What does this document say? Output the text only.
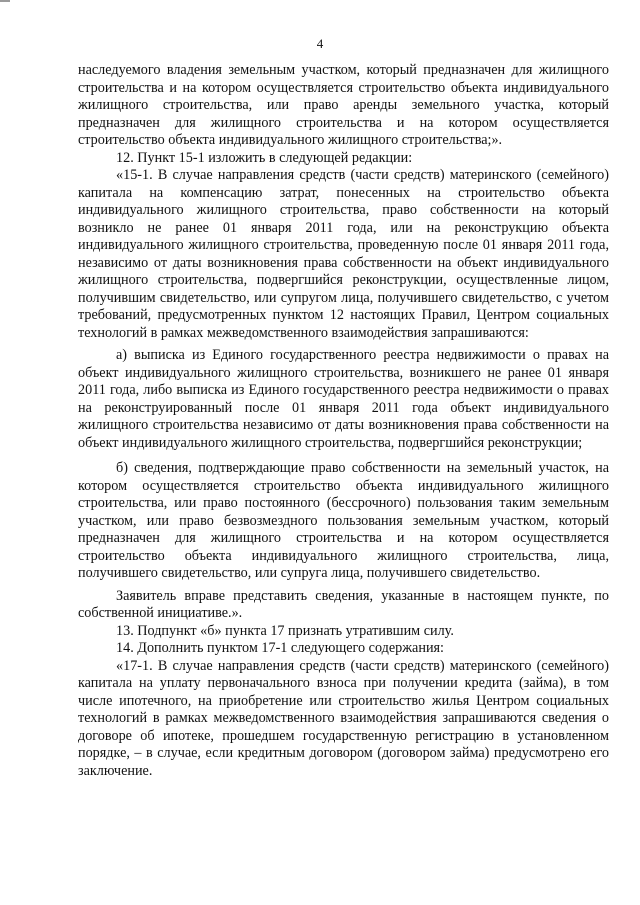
4

наследуемого владения земельным участком, который предназначен для жилищного строительства и на котором осуществляется строительство объекта индивидуального жилищного строительства, или право аренды земельного участка, который предназначен для жилищного строительства и на котором осуществляется строительство объекта индивидуального жилищного строительства;».

12. Пункт 15-1 изложить в следующей редакции:

«15-1. В случае направления средств (части средств) материнского (семейного) капитала на компенсацию затрат, понесенных на строительство объекта индивидуального жилищного строительства, право собственности на который возникло не ранее 01 января 2011 года, или на реконструкцию объекта индивидуального жилищного строительства, проведенную после 01 января 2011 года, независимо от даты возникновения права собственности на объект индивидуального жилищного строительства, подвергшийся реконструкции, осуществленные лицом, получившим свидетельство, или супругом лица, получившего свидетельство, с учетом требований, предусмотренных пунктом 12 настоящих Правил, Центром социальных технологий в рамках межведомственного взаимодействия запрашиваются:

а) выписка из Единого государственного реестра недвижимости о правах на объект индивидуального жилищного строительства, возникшего не ранее 01 января 2011 года, либо выписка из Единого государственного реестра недвижимости о правах на реконструированный после 01 января 2011 года объект индивидуального жилищного строительства независимо от даты возникновения права собственности на объект индивидуального жилищного строительства, подвергшийся реконструкции;

б) сведения, подтверждающие право собственности на земельный участок, на котором осуществляется строительство объекта индивидуального жилищного строительства, или право постоянного (бессрочного) пользования таким земельным участком, или право безвозмездного пользования земельным участком, который предназначен для жилищного строительства и на котором осуществляется строительство объекта индивидуального жилищного строительства, лица, получившего свидетельство, или супруга лица, получившего свидетельство.

Заявитель вправе представить сведения, указанные в настоящем пункте, по собственной инициативе.».

13. Подпункт «б» пункта 17 признать утратившим силу.

14. Дополнить пунктом 17-1 следующего содержания:

«17-1. В случае направления средств (части средств) материнского (семейного) капитала на уплату первоначального взноса при получении кредита (займа), в том числе ипотечного, на приобретение или строительство жилья Центром социальных технологий в рамках межведомственного взаимодействия запрашиваются сведения о договоре об ипотеке, прошедшем государственную регистрацию в установленном порядке, – в случае, если кредитным договором (договором займа) предусмотрено его заключение.
